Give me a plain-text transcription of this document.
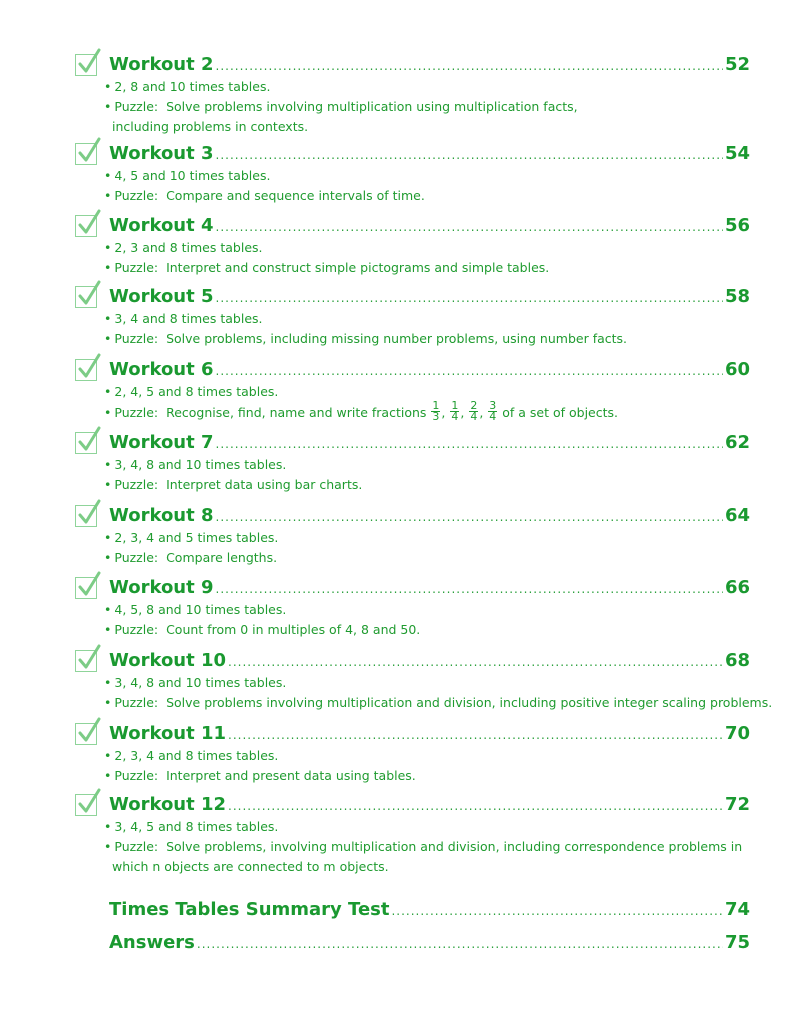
Workout 2 .....	52
• 2, 8 and 10 times tables.
• Puzzle: Solve problems involving multiplication using multiplication facts,
including problems in contexts.
Workout 3 .....	54
• 4, 5 and 10 times tables.
• Puzzle: Compare and sequence intervals of time.
Workout 4 .....	56
• 2, 3 and 8 times tables.
• Puzzle: Interpret and construct simple pictograms and simple tables.
Workout 5 .....	58
• 3, 4 and 8 times tables.
• Puzzle: Solve problems, including missing number problems, using number facts.
Workout 6 .....	60
• 2, 4, 5 and 8 times tables.
• Puzzle: Recognise, find, name and write fractions $\frac{1}{3}$ , $\frac{1}{4}$ , $\frac{2}{4}$ , $\frac{3}{4}$ of a set of objects.
Workout 7 .....	62
• 3, 4, 8 and 10 times tables.
• Puzzle: Interpret data using bar charts.
Workout 8 .....	64
• 2, 3, 4 and 5 times tables.
• Puzzle: Compare lengths.
Workout 9 .....	66
• 4, 5, 8 and 10 times tables.
• Puzzle: Count from 0 in multiples of 4, 8 and 50.
Workout 10 .....	68
• 3, 4, 8 and 10 times tables.
• Puzzle: Solve problems involving multiplication and division, including positive integer scaling problems.
Workout 11 .....	70
• 2, 3, 4 and 8 times tables.
• Puzzle: Interpret and present data using tables.
Workout 12 .....	72
• 3, 4, 5 and 8 times tables.
• Puzzle: Solve problems, involving multiplication and division, including correspondence problems in
which n objects are connected to m objects.
Times Tables Summary Test .....	74
Answers .....	75
